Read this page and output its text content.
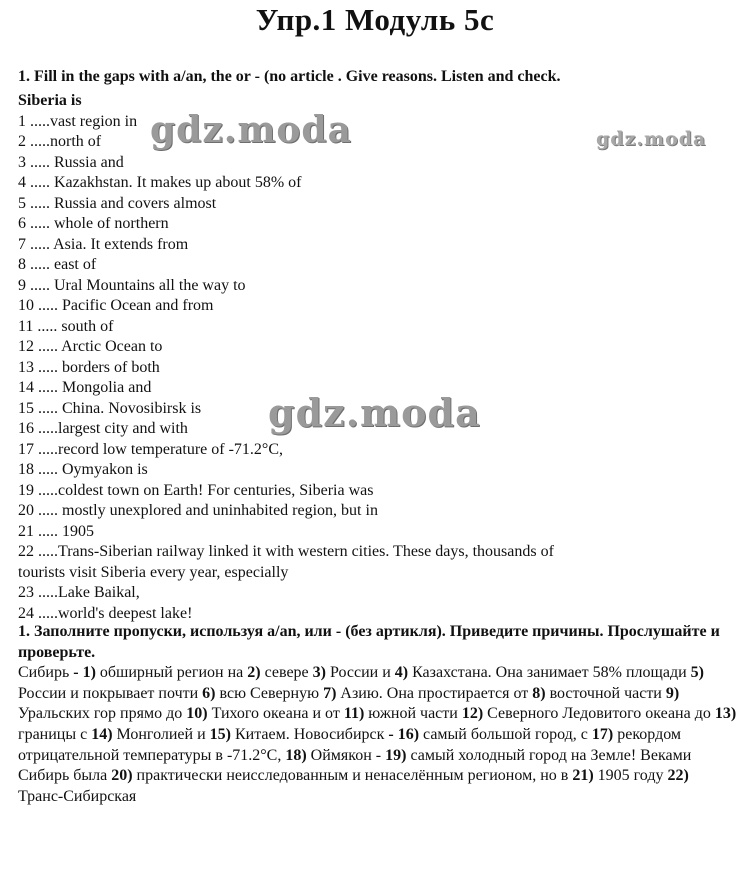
Упр.1 Модуль 5с
1. Fill in the gaps with a/an, the or - (no article . Give reasons. Listen and check.
Siberia is
1 .....vast region in
2 .....north of
3 ..... Russia and
4 ..... Kazakhstan. It makes up about 58% of
5 ..... Russia and covers almost
6 ..... whole of northern
7 ..... Asia. It extends from
8 ..... east of
9 ..... Ural Mountains all the way to
10 ..... Pacific Ocean and from
11 ..... south of
12 ..... Arctic Ocean to
13 ..... borders of both
14 ..... Mongolia and
15 ..... China. Novosibirsk is
16 .....largest city and with
17 .....record low temperature of -71.2°C,
18 ..... Oymyakon is
19 .....coldest town on Earth! For centuries, Siberia was
20 ..... mostly unexplored and uninhabited region, but in
21 ..... 1905
22 .....Trans-Siberian railway linked it with western cities. These days, thousands of
tourists visit Siberia every year, especially
23 .....Lake Baikal,
24 .....world's deepest lake!

1. Заполните пропуски, используя a/an, или - (без артикля). Приведите причины. Прослушайте и проверьте.

Сибирь - 1) обширный регион на 2) севере 3) России и 4) Казахстана. Она занимает 58% площади 5) России и покрывает почти 6) всю Северную 7) Азию. Она простирается от 8) восточной части 9) Уральских гор прямо до 10) Тихого океана и от 11) южной части 12) Северного Ледовитого океана до 13) границы с 14) Монголией и 15) Китаем. Новосибирск - 16) самый большой город, с 17) рекордом отрицательной температуры в -71.2°С, 18) Оймякон - 19) самый холодный город на Земле! Веками Сибирь была 20) практически неисследованным и ненаселённым регионом, но в 21) 1905 году 22) Транс-Сибирская

gdz.moda	gdz.moda
gdz.moda
